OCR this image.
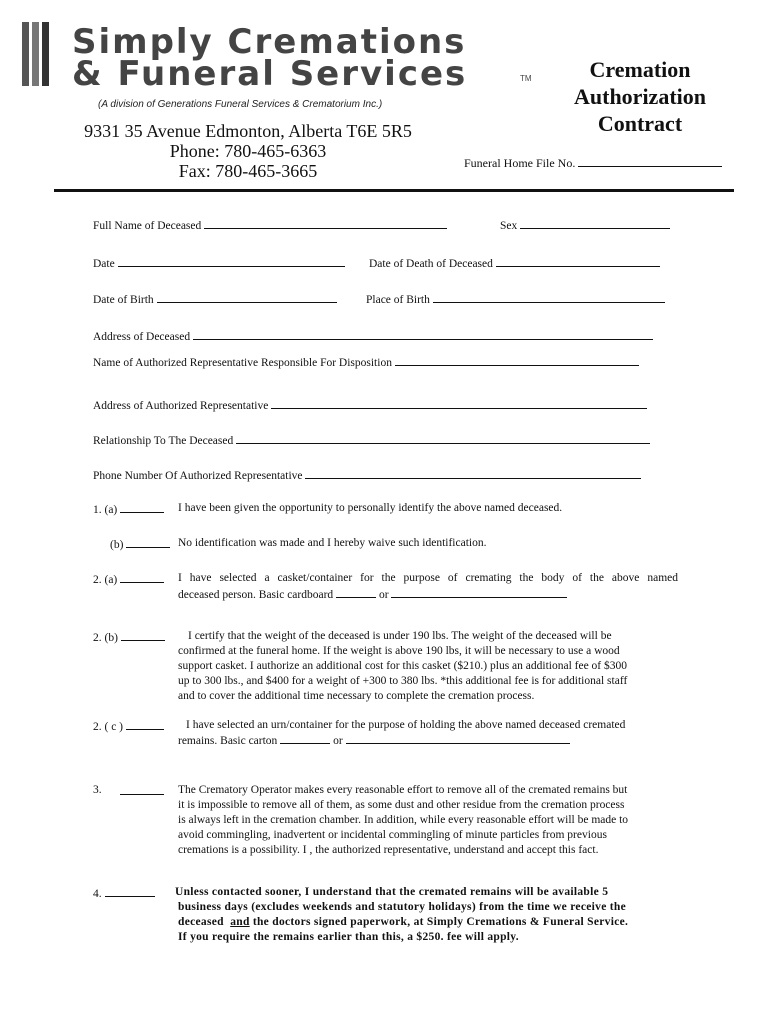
Simply Cremations
& Funeral Services	TM
(A division of Generations Funeral Services & Crematorium Inc.)
9331 35 Avenue Edmonton, Alberta T6E 5R5
Phone: 780-465-6363
Fax: 780-465-3665
Cremation
Authorization
Contract
Funeral Home File No.
Full Name of Deceased	Sex
Date	Date of Death of Deceased
Date of Birth	Place of Birth
Address of Deceased
Name of Authorized Representative Responsible For Disposition
Address of Authorized Representative
Relationship To The Deceased
Phone Number Of Authorized Representative
1. (a)	I have been given the opportunity to personally identify the above named deceased.
(b)	No identification was made and I hereby waive such identification.
2. (a)	I have selected a casket/container for the purpose of cremating the body of the above named
deceased person. Basic cardboard	or
2. (b)	I certify that the weight of the deceased is under 190 lbs. The weight of the deceased will be
confirmed at the funeral home. If the weight is above 190 lbs, it will be necessary to use a wood
support casket. I authorize an additional cost for this casket ($210.) plus an additional fee of $300
up to 300 lbs., and $400 for a weight of +300 to 380 lbs. *this additional fee is for additional staff
and to cover the additional time necessary to complete the cremation process.
2. ( c )	I have selected an urn/container for the purpose of holding the above named deceased cremated
remains. Basic carton	or
3.	The Crematory Operator makes every reasonable effort to remove all of the cremated remains but
it is impossible to remove all of them, as some dust and other residue from the cremation process
is always left in the cremation chamber. In addition, while every reasonable effort will be made to
avoid commingling, inadvertent or incidental commingling of minute particles from previous
cremations is a possibility. I , the authorized representative, understand and accept this fact.
4.	Unless contacted sooner, I understand that the cremated remains will be available 5
business days (excludes weekends and statutory holidays) from the time we receive the
deceased and the doctors signed paperwork, at Simply Cremations & Funeral Service.
If you require the remains earlier than this, a $250. fee will apply.
